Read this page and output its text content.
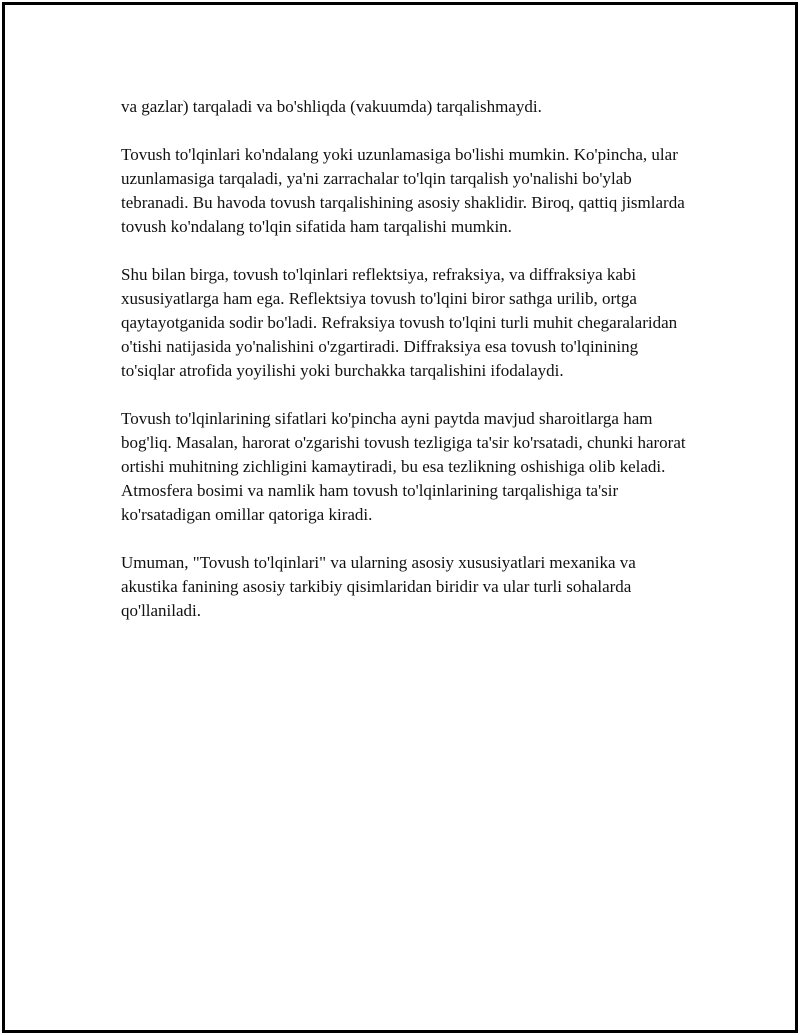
va gazlar) tarqaladi va bo'shliqda (vakuumda) tarqalishmaydi.

Tovush to'lqinlari ko'ndalang yoki uzunlamasiga bo'lishi mumkin. Ko'pincha, ular uzunlamasiga tarqaladi, ya'ni zarrachalar to'lqin tarqalish yo'nalishi bo'ylab tebranadi. Bu havoda tovush tarqalishining asosiy shaklidir. Biroq, qattiq jismlarda tovush ko'ndalang to'lqin sifatida ham tarqalishi mumkin.

Shu bilan birga, tovush to'lqinlari reflektsiya, refraksiya, va diffraksiya kabi xususiyatlarga ham ega. Reflektsiya tovush to'lqini biror sathga urilib, ortga qaytayotganida sodir bo'ladi. Refraksiya tovush to'lqini turli muhit chegaralaridan o'tishi natijasida yo'nalishini o'zgartiradi. Diffraksiya esa tovush to'lqinining to'siqlar atrofida yoyilishi yoki burchakka tarqalishini ifodalaydi.

Tovush to'lqinlarining sifatlari ko'pincha ayni paytda mavjud sharoitlarga ham bog'liq. Masalan, harorat o'zgarishi tovush tezligiga ta'sir ko'rsatadi, chunki harorat ortishi muhitning zichligini kamaytiradi, bu esa tezlikning oshishiga olib keladi. Atmosfera bosimi va namlik ham tovush to'lqinlarining tarqalishiga ta'sir ko'rsatadigan omillar qatoriga kiradi.

Umuman, "Tovush to'lqinlari" va ularning asosiy xususiyatlari mexanika va akustika fanining asosiy tarkibiy qisimlaridan biridir va ular turli sohalarda qo'llaniladi.
